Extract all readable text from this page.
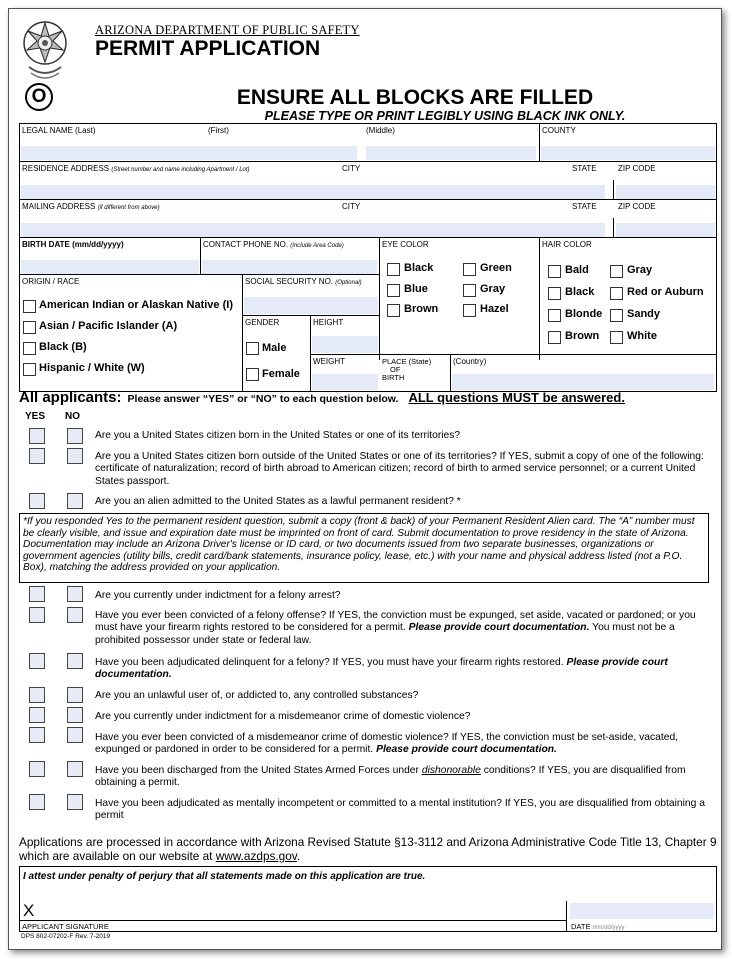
ARIZONA DEPARTMENT OF PUBLIC SAFETY
PERMIT APPLICATION
O	ENSURE ALL BLOCKS ARE FILLED
PLEASE TYPE OR PRINT LEGIBLY USING BLACK INK ONLY.
LEGAL NAME (Last)	(First)	(Middle)	COUNTY
RESIDENCE ADDRESS (Street number and name including Apartment / Lot)	CITY	STATE	ZIP CODE
MAILING ADDRESS (if different from above)	CITY	STATE	ZIP CODE
BIRTH DATE (mm/dd/yyyy)	CONTACT PHONE NO. (Include Area Code)	EYE COLOR
Black	Green
Blue	Gray
Brown	Hazel
HAIR COLOR
Bald	Gray
Black	Red or Auburn
Blonde Sandy
Brown	White
ORIGIN / RACE
American Indian or Alaskan Native (I)
Asian / Pacific Islander (A)
Black (B)
Hispanic / White (W)
SOCIAL SECURITY NO. (Optional)
GENDER
Male
Female
HEIGHT
WEIGHT	PLACE (State)
OF
BIRTH
(Country)
All applicants: Please answer “YES” or “NO” to each question below. ALL questions MUST be answered.
YES NO
Are you a United States citizen born in the United States or one of its territories?
Are you a United States citizen born outside of the United States or one of its territories? If YES, submit a copy of one of the following: certificate of naturalization; record of birth abroad to American citizen; record of birth to armed service personnel; or a current United States passport.
Are you an alien admitted to the United States as a lawful permanent resident? *
*If you responded Yes to the permanent resident question, submit a copy (front & back) of your Permanent Resident Alien card. The “A” number must be clearly visible, and issue and expiration date must be imprinted on front of card. Submit documentation to prove residency in the state of Arizona. Documentation may include an Arizona Driver's license or ID card, or two documents issued from two separate businesses, organizations or government agencies (utility bills, credit card/bank statements, insurance policy, lease, etc.) with your name and physical address listed (not a P.O. Box), matching the address provided on your application.
Are you currently under indictment for a felony arrest?
Have you ever been convicted of a felony offense? If YES, the conviction must be expunged, set aside, vacated or pardoned; or you must have your firearm rights restored to be considered for a permit. Please provide court documentation. You must not be a prohibited possessor under state or federal law.
Have you been adjudicated delinquent for a felony? If YES, you must have your firearm rights restored. Please provide court documentation.
Are you an unlawful user of, or addicted to, any controlled substances?
Are you currently under indictment for a misdemeanor crime of domestic violence?
Have you ever been convicted of a misdemeanor crime of domestic violence? If YES, the conviction must be set-aside, vacated, expunged or pardoned in order to be considered for a permit. Please provide court documentation.
Have you been discharged from the United States Armed Forces under dishonorable conditions? If YES, you are disqualified from obtaining a permit.
Have you been adjudicated as mentally incompetent or committed to a mental institution? If YES, you are disqualified from obtaining a permit
Applications are processed in accordance with Arizona Revised Statute §13-3112 and Arizona Administrative Code Title 13, Chapter 9 which are available on our website at www.azdps.gov.
I attest under penalty of perjury that all statements made on this application are true.
X
APPLICANT SIGNATURE	DATE mm/dd/yyyy
DPS 802-07202-F Rev. 7-2019
